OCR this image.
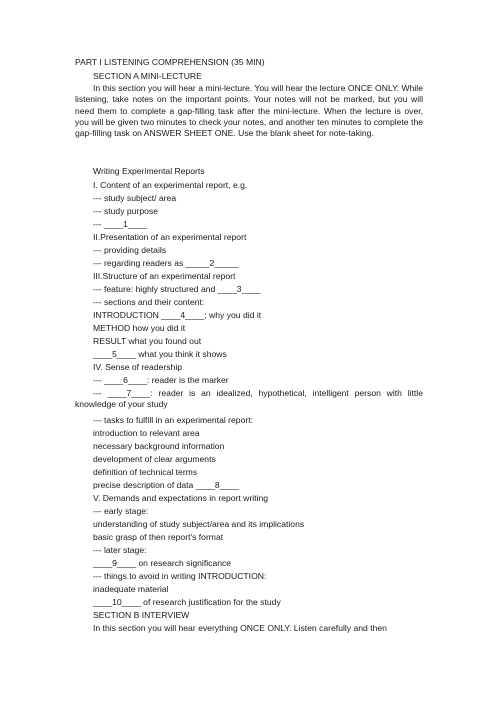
PART I LISTENING COMPREHENSION (35 MIN)
SECTION A MINI-LECTURE
In this section you will hear a mini-lecture. You will hear the lecture ONCE ONLY. While listening, take notes on the important points. Your notes will not be marked, but you will need them to complete a gap-filling task after the mini-lecture. When the lecture is over, you will be given two minutes to check your notes, and another ten minutes to complete the gap-filling task on ANSWER SHEET ONE. Use the blank sheet for note-taking.
Writing Experimental Reports
I. Content of an experimental report, e.g.
--- study subject/ area
--- study purpose
--- ____1____
II.Presentation of an experimental report
--- providing details
--- regarding readers as _____2_____
III.Structure of an experimental report
--- feature: highly structured and ____3____
--- sections and their content:
INTRODUCTION ____4____; why you did it
METHOD how you did it
RESULT what you found out
____5____ what you think it shows
IV. Sense of readership
--- ____6____: reader is the marker
--- ____7____: reader is an idealized, hypothetical, intelligent person with little knowledge of your study
--- tasks to fulfill in an experimental report:
introduction to relevant area
necessary background information
development of clear arguments
definition of technical terms
precise description of data ____8____
V. Demands and expectations in report writing
--- early stage:
understanding of study subject/area and its implications
basic grasp of then report's format
--- later stage:
____9____ on research significance
--- things to avoid in writing INTRODUCTION:
inadequate material
____10____ of research justification for the study
SECTION B INTERVIEW
In this section you will hear everything ONCE ONLY. Listen carefully and then
